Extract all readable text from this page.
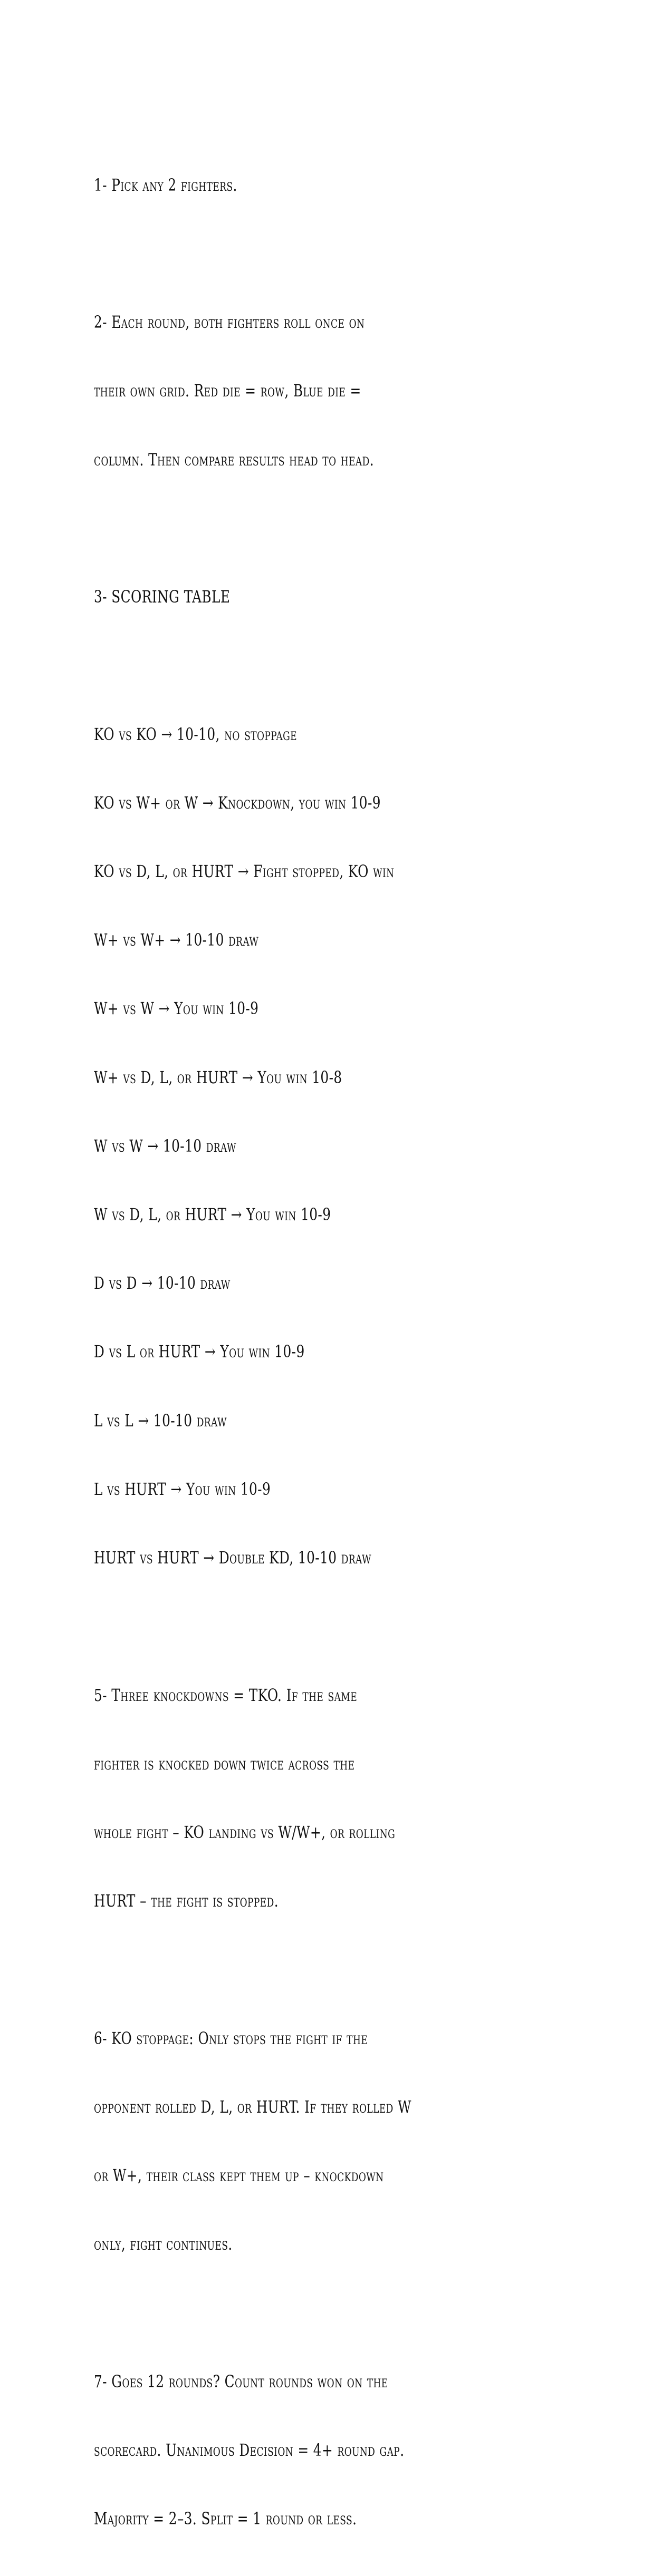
1- Pick any 2 fighters.

2- Each round, both fighters roll once on

their own grid. Red die = row, Blue die =

column. Then compare results head to head.

3- SCORING TABLE

KO vs KO → 10-10, no stoppage

KO vs W+ or W → Knockdown, you win 10-9

KO vs D, L, or HURT → Fight stopped, KO win

W+ vs W+ → 10-10 draw

W+ vs W → You win 10-9

W+ vs D, L, or HURT → You win 10-8

W vs W → 10-10 draw

W vs D, L, or HURT → You win 10-9

D vs D → 10-10 draw

D vs L or HURT → You win 10-9

L vs L → 10-10 draw

L vs HURT → You win 10-9

HURT vs HURT → Double KD, 10-10 draw

5- Three knockdowns = TKO. If the same

fighter is knocked down twice across the

whole fight – KO landing vs W/W+, or rolling

HURT – the fight is stopped.

6- KO stoppage: Only stops the fight if the

opponent rolled D, L, or HURT. If they rolled W

or W+, their class kept them up – knockdown

only, fight continues.

7- Goes 12 rounds? Count rounds won on the

scorecard. Unanimous Decision = 4+ round gap.

Majority = 2–3. Split = 1 round or less.
